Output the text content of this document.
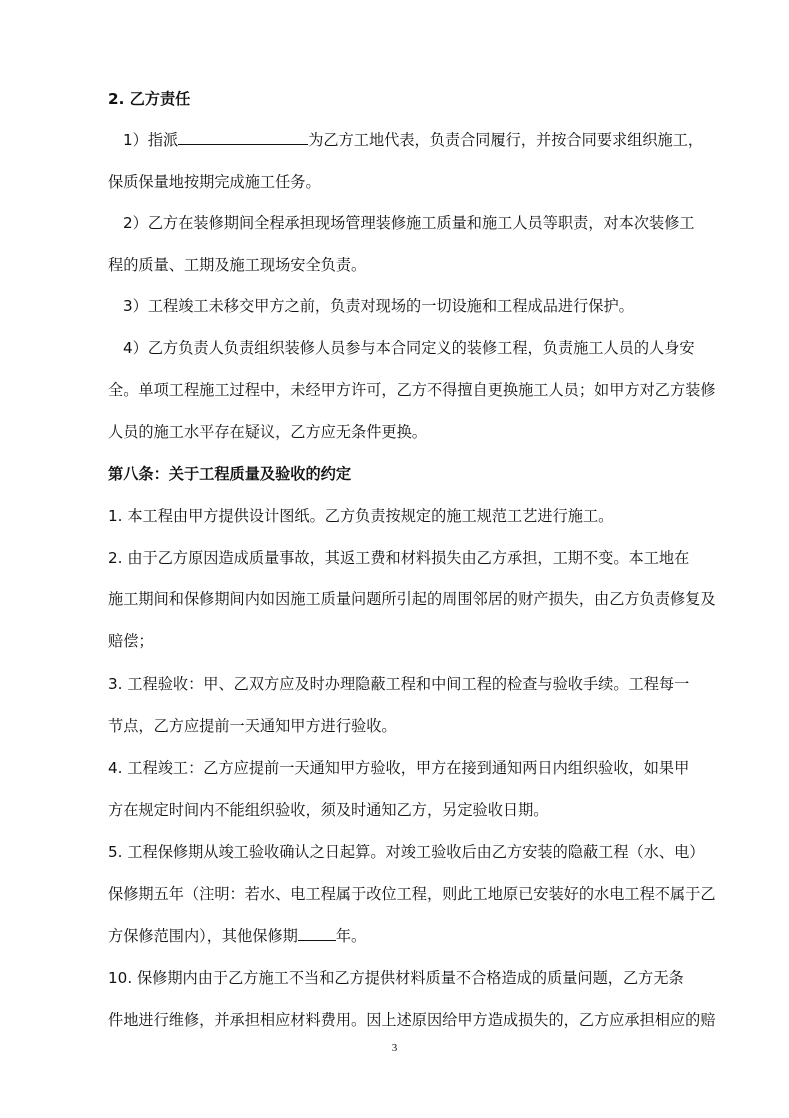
2. 乙方责任
1）指派	为乙方工地代表，负责合同履行，并按合同要求组织施工，
保质保量地按期完成施工任务。
2）乙方在装修期间全程承担现场管理装修施工质量和施工人员等职责，对本次装修工
程的质量、工期及施工现场安全负责。
3）工程竣工未移交甲方之前，负责对现场的一切设施和工程成品进行保护。
4）乙方负责人负责组织装修人员参与本合同定义的装修工程，负责施工人员的人身安
全。单项工程施工过程中，未经甲方许可，乙方不得擅自更换施工人员；如甲方对乙方装修
人员的施工水平存在疑议，乙方应无条件更换。
第八条：关于工程质量及验收的约定
1. 本工程由甲方提供设计图纸。乙方负责按规定的施工规范工艺进行施工。
2. 由于乙方原因造成质量事故，其返工费和材料损失由乙方承担，工期不变。本工地在
施工期间和保修期间内如因施工质量问题所引起的周围邻居的财产损失，由乙方负责修复及
赔偿；
3. 工程验收：甲、乙双方应及时办理隐蔽工程和中间工程的检查与验收手续。工程每一
节点，乙方应提前一天通知甲方进行验收。
4. 工程竣工：乙方应提前一天通知甲方验收，甲方在接到通知两日内组织验收，如果甲
方在规定时间内不能组织验收，须及时通知乙方，另定验收日期。
5. 工程保修期从竣工验收确认之日起算。对竣工验收后由乙方安装的隐蔽工程（水、电）
保修期五年（注明：若水、电工程属于改位工程，则此工地原已安装好的水电工程不属于乙
方保修范围内），其他保修期	年。
10. 保修期内由于乙方施工不当和乙方提供材料质量不合格造成的质量问题，乙方无条
件地进行维修，并承担相应材料费用。因上述原因给甲方造成损失的，乙方应承担相应的赔
3
